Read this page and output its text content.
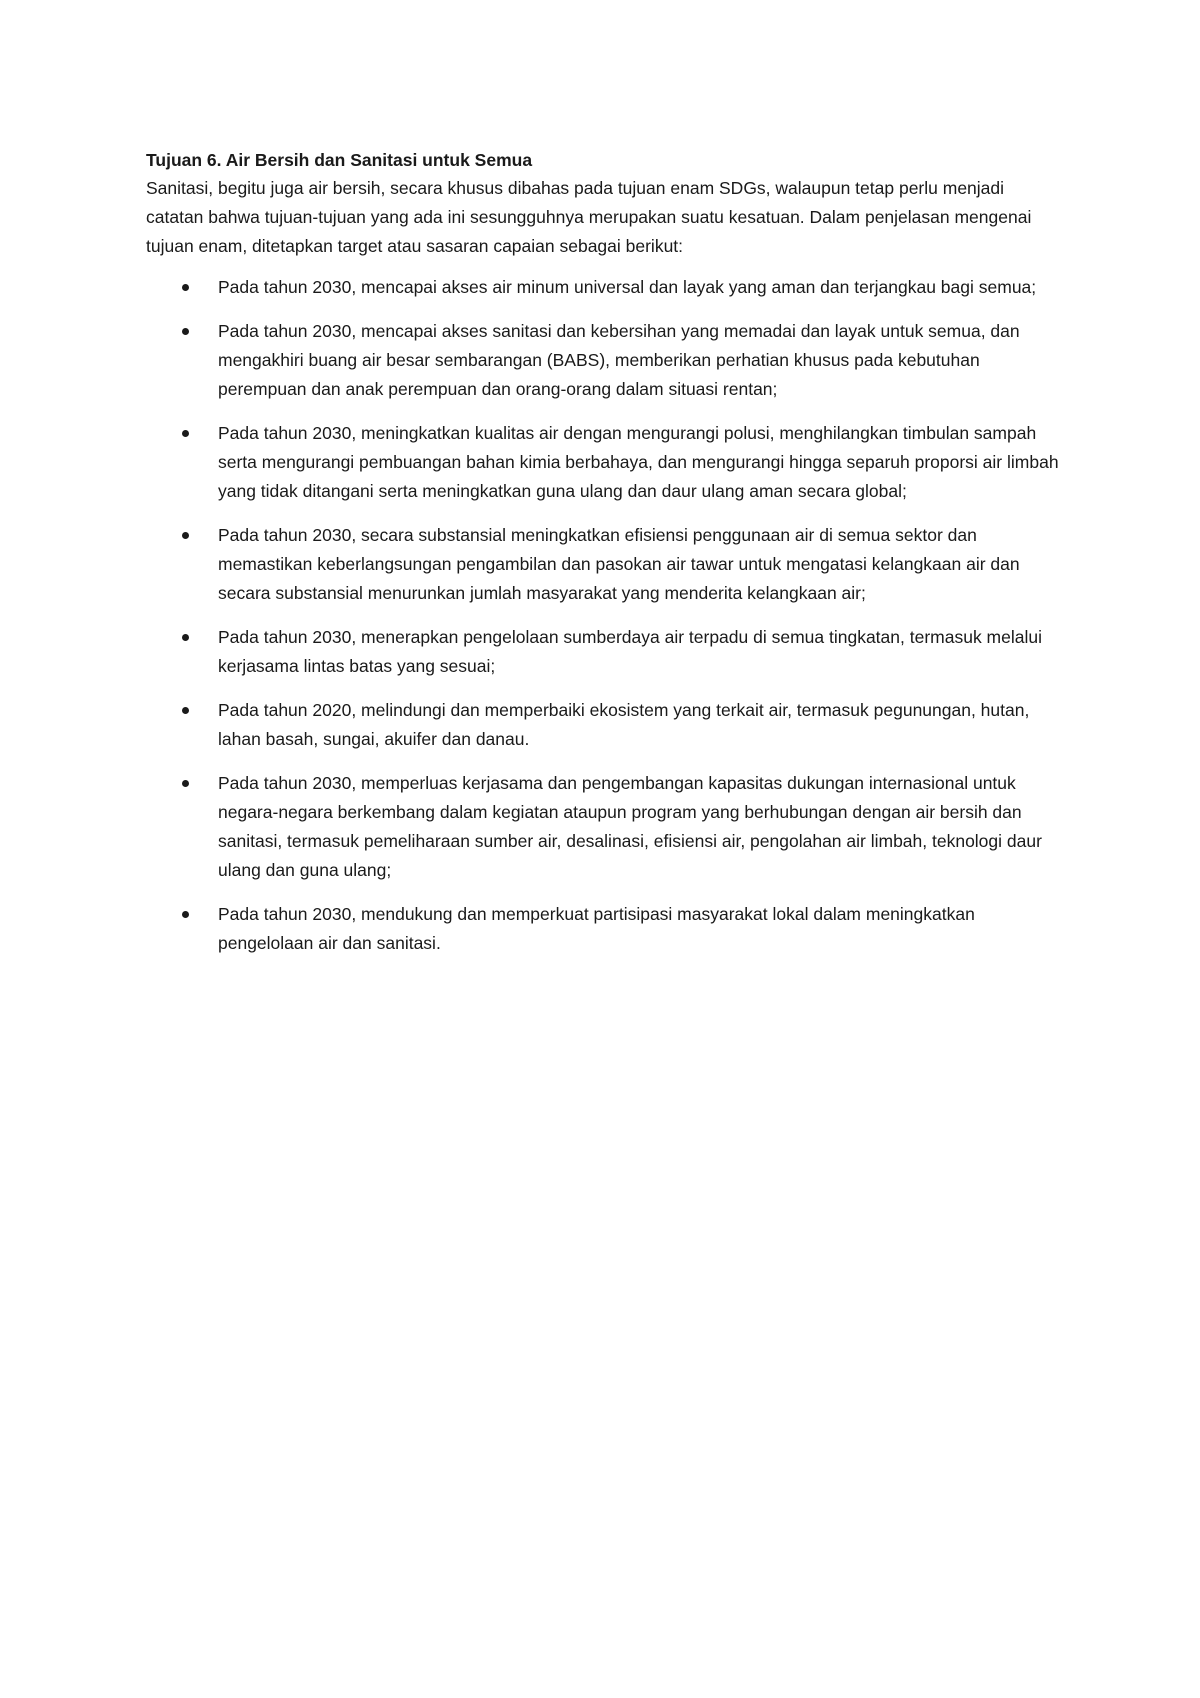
Tujuan 6. Air Bersih dan Sanitasi untuk Semua

Sanitasi, begitu juga air bersih, secara khusus dibahas pada tujuan enam SDGs, walaupun tetap perlu menjadi catatan bahwa tujuan-tujuan yang ada ini sesungguhnya merupakan suatu kesatuan. Dalam penjelasan mengenai tujuan enam, ditetapkan target atau sasaran capaian sebagai berikut:

Pada tahun 2030, mencapai akses air minum universal dan layak yang aman dan terjangkau bagi semua;
Pada tahun 2030, mencapai akses sanitasi dan kebersihan yang memadai dan layak untuk semua, dan mengakhiri buang air besar sembarangan (BABS), memberikan perhatian khusus pada kebutuhan perempuan dan anak perempuan dan orang-orang dalam situasi rentan;
Pada tahun 2030, meningkatkan kualitas air dengan mengurangi polusi, menghilangkan timbulan sampah serta mengurangi pembuangan bahan kimia berbahaya, dan mengurangi hingga separuh proporsi air limbah yang tidak ditangani serta meningkatkan guna ulang dan daur ulang aman secara global;
Pada tahun 2030, secara substansial meningkatkan efisiensi penggunaan air di semua sektor dan memastikan keberlangsungan pengambilan dan pasokan air tawar untuk mengatasi kelangkaan air dan secara substansial menurunkan jumlah masyarakat yang menderita kelangkaan air;
Pada tahun 2030, menerapkan pengelolaan sumberdaya air terpadu di semua tingkatan, termasuk melalui kerjasama lintas batas yang sesuai;
Pada tahun 2020, melindungi dan memperbaiki ekosistem yang terkait air, termasuk pegunungan, hutan, lahan basah, sungai, akuifer dan danau.
Pada tahun 2030, memperluas kerjasama dan pengembangan kapasitas dukungan internasional untuk negara-negara berkembang dalam kegiatan ataupun program yang berhubungan dengan air bersih dan sanitasi, termasuk pemeliharaan sumber air, desalinasi, efisiensi air, pengolahan air limbah, teknologi daur ulang dan guna ulang;
Pada tahun 2030, mendukung dan memperkuat partisipasi masyarakat lokal dalam meningkatkan pengelolaan air dan sanitasi.
